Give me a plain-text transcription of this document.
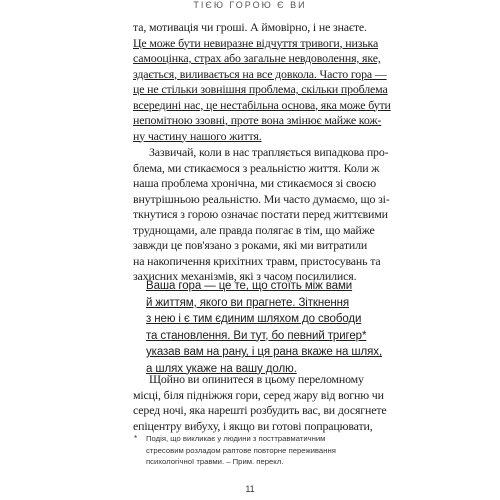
ТІЄЮ ГОРОЮ Є ВИ

та, мотивація чи гроші. А ймовірно, і не знаєте.
Це може бути невиразне відчуття тривоги, низька
самооцінка, страх або загальне невдоволення, яке,
здається, виливається на все довкола. Часто гора —
це не стільки зовнішня проблема, скільки проблема
всередині нас, це нестабільна основа, яка може бути
непомітною ззовні, проте вона змінює майже кож-
ну частину нашого життя.

Зазвичай, коли в нас трапляється випадкова про-
блема, ми стикаємося з реальністю життя. Коли ж
наша проблема хронічна, ми стикаємося зі своєю
внутрішньою реальністю. Ми часто думаємо, що зі-
ткнутися з горою означає постати перед життєвими
труднощами, але правда полягає в тім, що майже
завжди це пов'язано з роками, які ми витратили
на накопичення крихітних травм, пристосувань та
захисних механізмів, які з часом посилилися.

Ваша гора — це те, що стоїть між вами
й життям, якого ви прагнете. Зіткнення
з нею і є тим єдиним шляхом до свободи
та становлення. Ви тут, бо певний тригер*
указав вам на рану, і ця рана вкаже на шлях,
а шлях укаже на вашу долю.

Щойно ви опинитеся в цьому переломному
місці, біля підніжжя гори, серед жару від вогню чи
серед ночі, яка нарешті розбудить вас, ви досягнете
епіцентру вибуху, і якщо ви готові попрацювати,

* Подія, що викликає у людини з посттравматичним
стресовим розладом раптове повторне переживання
психологічної травми. – Прим. перекл.
11
